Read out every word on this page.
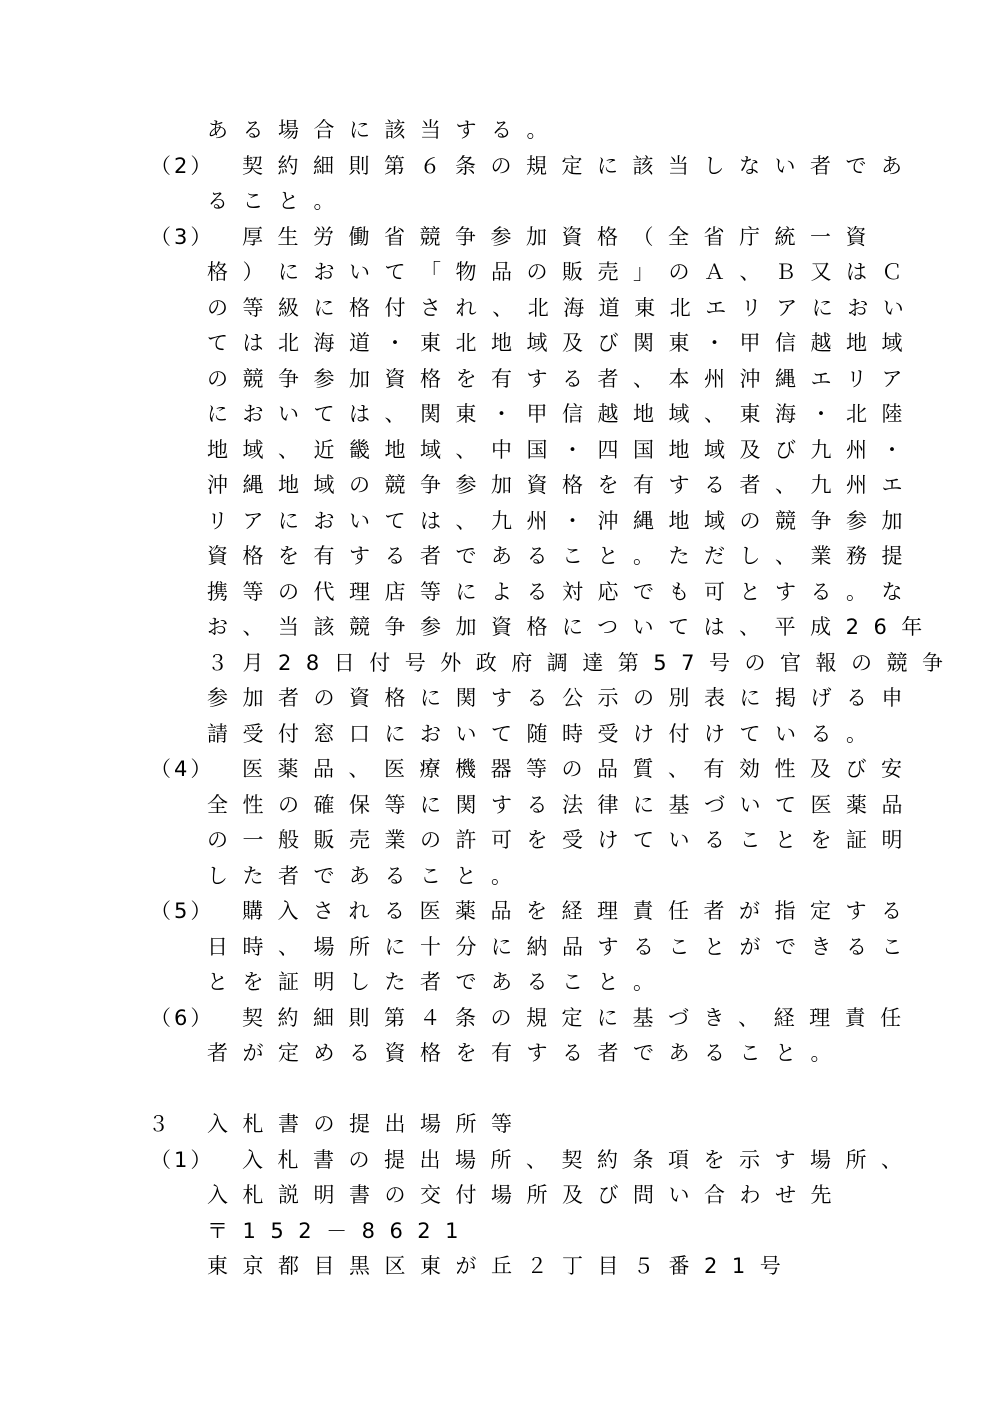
ある場合に該当する。
（2） 契約細則第６条の規定に該当しない者であ
ること。
（3） 厚生労働省競争参加資格（全省庁統一資
格）において「物品の販売」のＡ、Ｂ又はＣ
の等級に格付され、北海道東北エリアにおい
ては北海道・東北地域及び関東・甲信越地域
の競争参加資格を有する者、本州沖縄エリア
においては、関東・甲信越地域、東海・北陸
地域、近畿地域、中国・四国地域及び九州・
沖縄地域の競争参加資格を有する者、九州エ
リアにおいては、九州・沖縄地域の競争参加
資格を有する者であること。ただし、業務提
携等の代理店等による対応でも可とする。な
お、当該競争参加資格については、平成26年
３月28日付号外政府調達第57号の官報の競争
参加者の資格に関する公示の別表に掲げる申
請受付窓口において随時受け付けている。
（4） 医薬品、医療機器等の品質、有効性及び安
全性の確保等に関する法律に基づいて医薬品
の一般販売業の許可を受けていることを証明
した者であること。
（5） 購入される医薬品を経理責任者が指定する
日時、場所に十分に納品することができるこ
とを証明した者であること。
（6） 契約細則第４条の規定に基づき、経理責任
者が定める資格を有する者であること。
３ 入札書の提出場所等
（1） 入札書の提出場所、契約条項を示す場所、
入札説明書の交付場所及び問い合わせ先
〒152－8621
東京都目黒区東が丘２丁目５番21号
